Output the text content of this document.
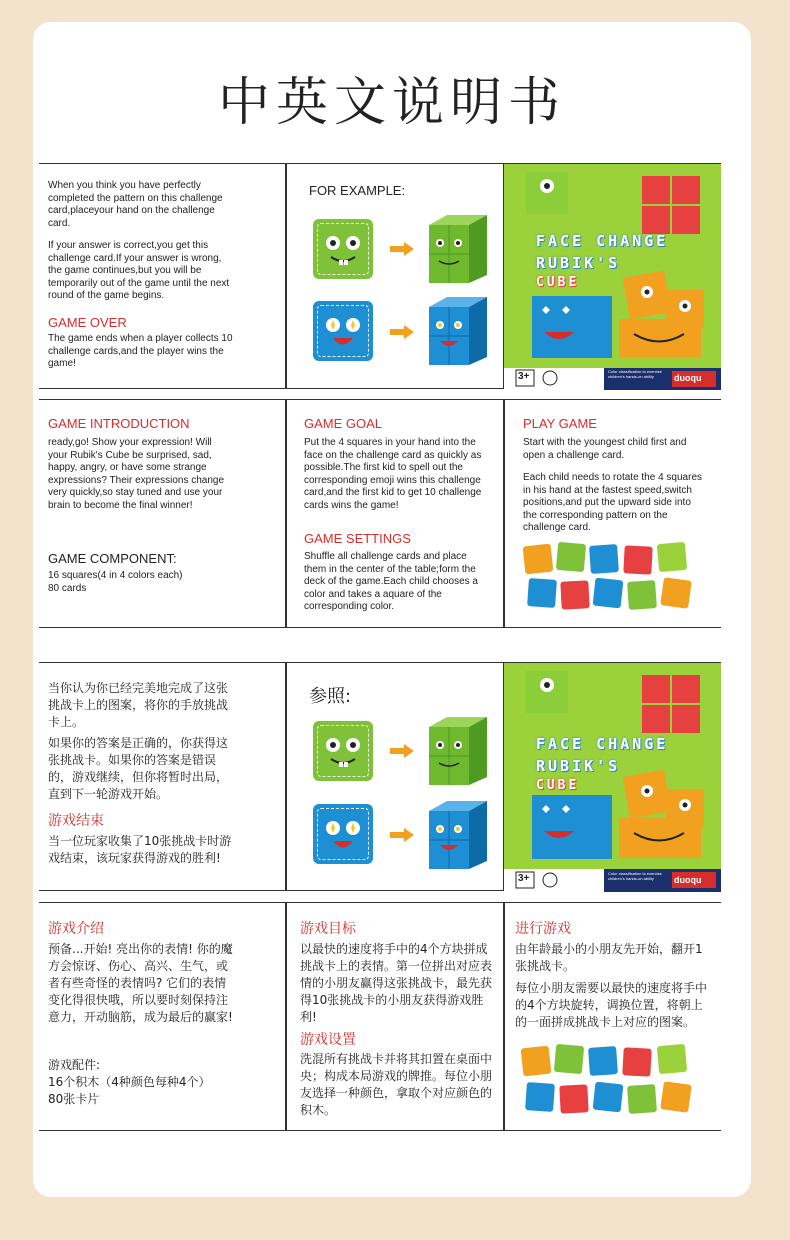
中英文说明书
When you think you have perfectly completed the pattern on this challenge card,placeyour hand on the challenge card.
If your answer is correct,you get this challenge card.If your answer is wrong, the game continues,but you will be temporarily out of the game until the next round of the game begins.
GAME OVER
The game ends when a player collects 10 challenge cards,and the player wins the game!
FOR EXAMPLE:
FACE CHANGE
RUBIK'S
CUBE
3+	Color classification to exercise children's hands-on ability	duoqu
GAME INTRODUCTION
ready,go! Show your expression! Will your Rubik's Cube be surprised, sad, happy, angry, or have some strange expressions? Their expressions change very quickly,so stay tuned and use your brain to become the final winner!
GAME COMPONENT:
16 squares(4 in 4 colors each)
80 cards
GAME GOAL
Put the 4 squares in your hand into the face on the challenge card as quickly as possible.The first kid to spell out the corresponding emoji wins this challenge card,and the first kid to get 10 challenge cards wins the game!
GAME SETTINGS
Shuffle all challenge cards and place them in the center of the table;form the deck of the game.Each child chooses a color and takes a aquare of the corresponding color.
PLAY GAME
Start with the youngest child first and open a challenge card.
Each child needs to rotate the 4 squares in his hand at the fastest speed,switch positions,and put the upward side into the corresponding pattern on the challenge card.
当你认为你已经完美地完成了这张挑战卡上的图案，将你的手放挑战卡上。
如果你的答案是正确的，你获得这张挑战卡。如果你的答案是错误的，游戏继续，但你将暂时出局，直到下一轮游戏开始。
游戏结束
当一位玩家收集了10张挑战卡时游戏结束，该玩家获得游戏的胜利!
参照:
FACE CHANGE
RUBIK'S
CUBE
3+	Color classification to exercise children's hands-on ability	duoqu
游戏介绍
预备...开始! 亮出你的表情! 你的魔方会惊讶、伤心、高兴、生气，或者有些奇怪的表情吗? 它们的表情变化得很快哦，所以要时刻保持注意力，开动脑筋，成为最后的赢家!
游戏配件:
16个积木（4种颜色每种4个）
80张卡片
游戏目标
以最快的速度将手中的4个方块拼成挑战卡上的表情。第一位拼出对应表情的小朋友赢得这张挑战卡，最先获得10张挑战卡的小朋友获得游戏胜利!
游戏设置
洗混所有挑战卡并将其扣置在桌面中央；构成本局游戏的牌推。每位小朋友选择一种颜色，拿取个对应颜色的积木。
进行游戏
由年龄最小的小朋友先开始，翻开1张挑战卡。
每位小朋友需要以最快的速度将手中的4个方块旋转，调换位置，将朝上的一面拼成挑战卡上对应的图案。
